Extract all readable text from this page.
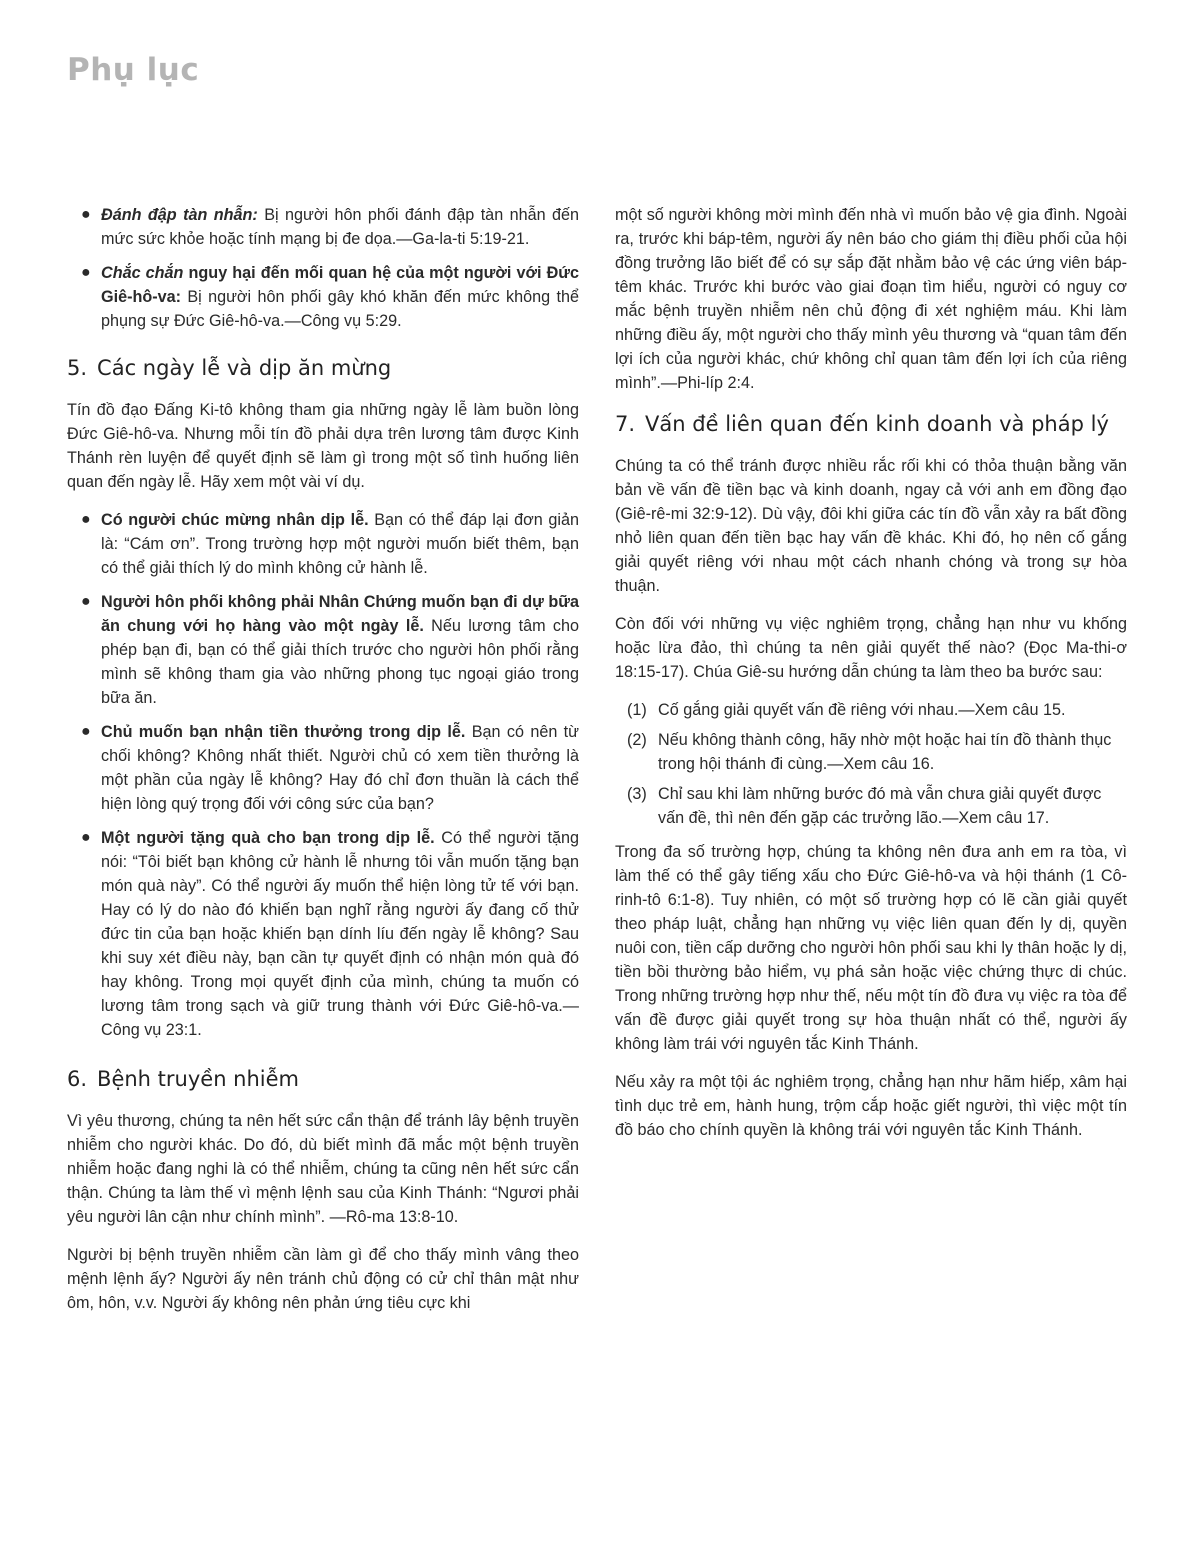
Phụ lục
● Đánh đập tàn nhẫn: Bị người hôn phối đánh đập tàn nhẫn đến mức sức khỏe hoặc tính mạng bị đe dọa.—Ga-la-ti 5:19-21.
● Chắc chắn nguy hại đến mối quan hệ của một người với Đức Giê-hô-va: Bị người hôn phối gây khó khăn đến mức không thể phụng sự Đức Giê-hô-va.—Công vụ 5:29.
5. Các ngày lễ và dịp ăn mừng

Tín đồ đạo Đấng Ki-tô không tham gia những ngày lễ làm buồn lòng Đức Giê-hô-va. Nhưng mỗi tín đồ phải dựa trên lương tâm được Kinh Thánh rèn luyện để quyết định sẽ làm gì trong một số tình huống liên quan đến ngày lễ. Hãy xem một vài ví dụ.

● Có người chúc mừng nhân dịp lễ. Bạn có thể đáp lại đơn giản là: “Cám ơn”. Trong trường hợp một người muốn biết thêm, bạn có thể giải thích lý do mình không cử hành lễ.
● Người hôn phối không phải Nhân Chứng muốn bạn đi dự bữa ăn chung với họ hàng vào một ngày lễ. Nếu lương tâm cho phép bạn đi, bạn có thể giải thích trước cho người hôn phối rằng mình sẽ không tham gia vào những phong tục ngoại giáo trong bữa ăn.
● Chủ muốn bạn nhận tiền thưởng trong dịp lễ. Bạn có nên từ chối không? Không nhất thiết. Người chủ có xem tiền thưởng là một phần của ngày lễ không? Hay đó chỉ đơn thuần là cách thể hiện lòng quý trọng đối với công sức của bạn?
● Một người tặng quà cho bạn trong dịp lễ. Có thể người tặng nói: “Tôi biết bạn không cử hành lễ nhưng tôi vẫn muốn tặng bạn món quà này”. Có thể người ấy muốn thể hiện lòng tử tế với bạn. Hay có lý do nào đó khiến bạn nghĩ rằng người ấy đang cố thử đức tin của bạn hoặc khiến bạn dính líu đến ngày lễ không? Sau khi suy xét điều này, bạn cần tự quyết định có nhận món quà đó hay không. Trong mọi quyết định của mình, chúng ta muốn có lương tâm trong sạch và giữ trung thành với Đức Giê-hô-va.—Công vụ 23:1.
6. Bệnh truyền nhiễm

Vì yêu thương, chúng ta nên hết sức cẩn thận để tránh lây bệnh truyền nhiễm cho người khác. Do đó, dù biết mình đã mắc một bệnh truyền nhiễm hoặc đang nghi là có thể nhiễm, chúng ta cũng nên hết sức cẩn thận. Chúng ta làm thế vì mệnh lệnh sau của Kinh Thánh: “Ngươi phải yêu người lân cận như chính mình”. —Rô-ma 13:8-10.

Người bị bệnh truyền nhiễm cần làm gì để cho thấy mình vâng theo mệnh lệnh ấy? Người ấy nên tránh chủ động có cử chỉ thân mật như ôm, hôn, v.v. Người ấy không nên phản ứng tiêu cực khi

một số người không mời mình đến nhà vì muốn bảo vệ gia đình. Ngoài ra, trước khi báp-têm, người ấy nên báo cho giám thị điều phối của hội đồng trưởng lão biết để có sự sắp đặt nhằm bảo vệ các ứng viên báp-têm khác. Trước khi bước vào giai đoạn tìm hiểu, người có nguy cơ mắc bệnh truyền nhiễm nên chủ động đi xét nghiệm máu. Khi làm những điều ấy, một người cho thấy mình yêu thương và “quan tâm đến lợi ích của người khác, chứ không chỉ quan tâm đến lợi ích của riêng mình”.—Phi-líp 2:4.

7. Vấn đề liên quan đến kinh doanh và pháp lý

Chúng ta có thể tránh được nhiều rắc rối khi có thỏa thuận bằng văn bản về vấn đề tiền bạc và kinh doanh, ngay cả với anh em đồng đạo (Giê-rê-mi 32:9-12). Dù vậy, đôi khi giữa các tín đồ vẫn xảy ra bất đồng nhỏ liên quan đến tiền bạc hay vấn đề khác. Khi đó, họ nên cố gắng giải quyết riêng với nhau một cách nhanh chóng và trong sự hòa thuận.

Còn đối với những vụ việc nghiêm trọng, chẳng hạn như vu khống hoặc lừa đảo, thì chúng ta nên giải quyết thế nào? (Đọc Ma-thi-ơ 18:15-17). Chúa Giê-su hướng dẫn chúng ta làm theo ba bước sau:

(1) Cố gắng giải quyết vấn đề riêng với nhau.—Xem câu 15.
(2) Nếu không thành công, hãy nhờ một hoặc hai tín đồ thành thục trong hội thánh đi cùng.—Xem câu 16.
(3) Chỉ sau khi làm những bước đó mà vẫn chưa giải quyết được vấn đề, thì nên đến gặp các trưởng lão.—Xem câu 17.

Trong đa số trường hợp, chúng ta không nên đưa anh em ra tòa, vì làm thế có thể gây tiếng xấu cho Đức Giê-hô-va và hội thánh (1 Cô-rinh-tô 6:1-8). Tuy nhiên, có một số trường hợp có lẽ cần giải quyết theo pháp luật, chẳng hạn những vụ việc liên quan đến ly dị, quyền nuôi con, tiền cấp dưỡng cho người hôn phối sau khi ly thân hoặc ly dị, tiền bồi thường bảo hiểm, vụ phá sản hoặc việc chứng thực di chúc. Trong những trường hợp như thế, nếu một tín đồ đưa vụ việc ra tòa để vấn đề được giải quyết trong sự hòa thuận nhất có thể, người ấy không làm trái với nguyên tắc Kinh Thánh.

Nếu xảy ra một tội ác nghiêm trọng, chẳng hạn như hãm hiếp, xâm hại tình dục trẻ em, hành hung, trộm cắp hoặc giết người, thì việc một tín đồ báo cho chính quyền là không trái với nguyên tắc Kinh Thánh.
